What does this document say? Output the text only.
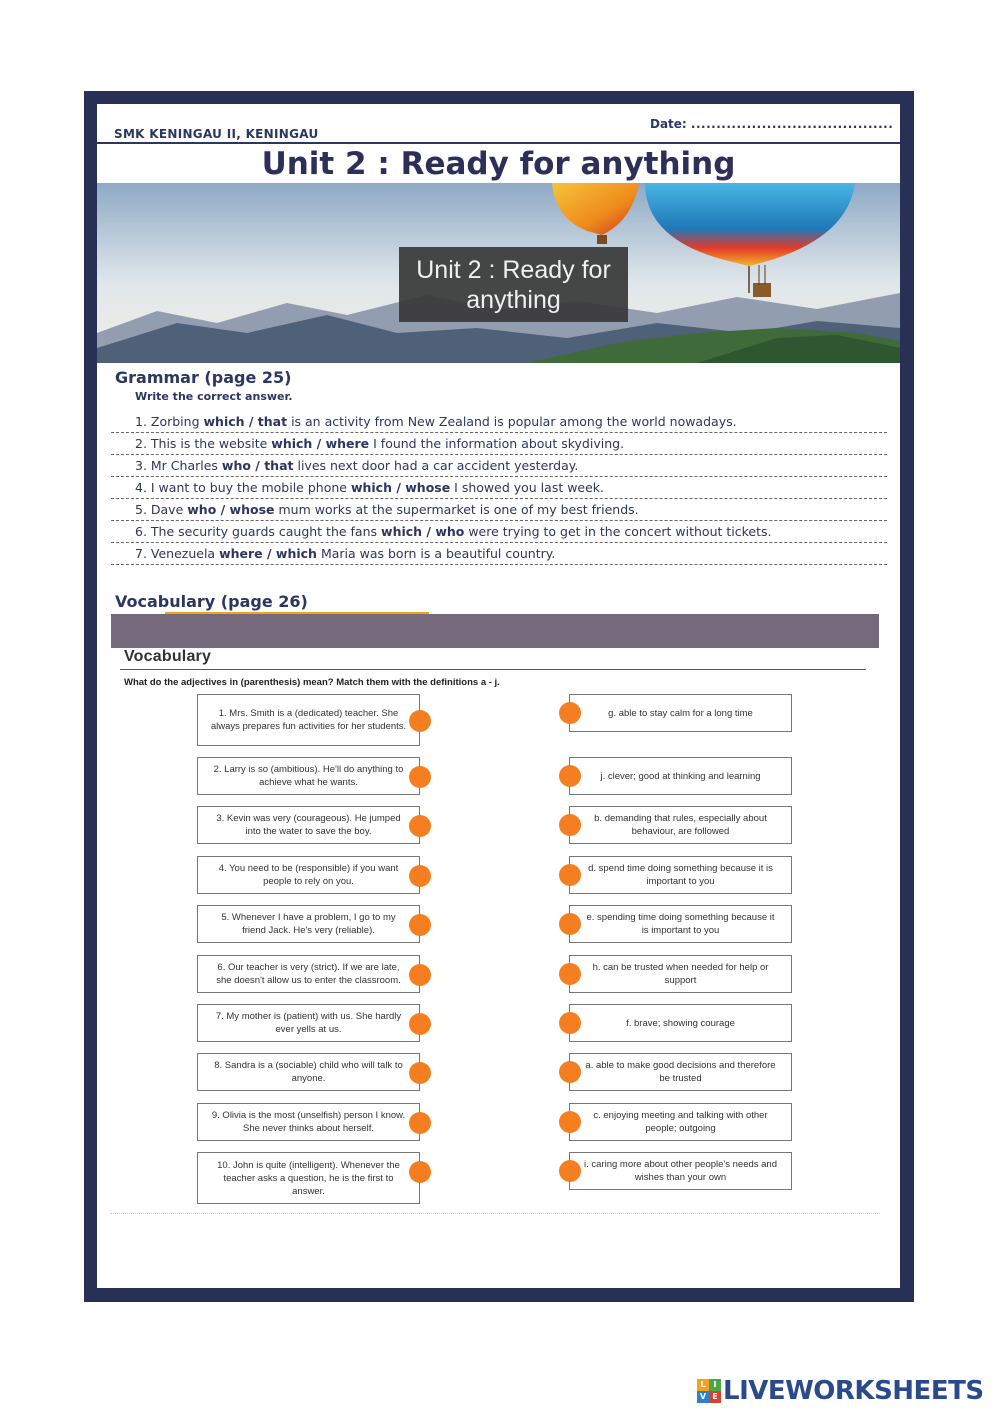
SMK KENINGAU II, KENINGAU
Date: ........................................
Unit 2 : Ready for anything
Unit 2 : Ready for
anything
Grammar (page 25)
Write the correct answer.
1. Zorbing which / that is an activity from New Zealand is popular among the world nowadays.
2. This is the website which / where I found the information about skydiving.
3. Mr Charles who / that lives next door had a car accident yesterday.
4. I want to buy the mobile phone which / whose I showed you last week.
5. Dave who / whose mum works at the supermarket is one of my best friends.
6. The security guards caught the fans which / who were trying to get in the concert without tickets.
7. Venezuela where / which Maria was born is a beautiful country.
Vocabulary (page 26)
Vocabulary
What do the adjectives in (parenthesis) mean? Match them with the definitions a - j.
1. Mrs. Smith is a (dedicated) teacher. She always prepares fun activities for her students.
2. Larry is so (ambitious). He'll do anything to achieve what he wants.
3. Kevin was very (courageous). He jumped into the water to save the boy.
4. You need to be (responsible) if you want people to rely on you.
5. Whenever I have a problem, I go to my friend Jack. He's very (reliable).
6. Our teacher is very (strict). If we are late, she doesn't allow us to enter the classroom.
7. My mother is (patient) with us. She hardly ever yells at us.
8. Sandra is a (sociable) child who will talk to anyone.
9. Olivia is the most (unselfish) person I know. She never thinks about herself.
10. John is quite (intelligent). Whenever the teacher asks a question, he is the first to answer.
g. able to stay calm for a long time
j. clever; good at thinking and learning
b. demanding that rules, especially about behaviour, are followed
d. spend time doing something because it is important to you
e. spending time doing something because it is important to you
h. can be trusted when needed for help or support
f. brave; showing courage
a. able to make good decisions and therefore be trusted
c. enjoying meeting and talking with other people; outgoing
i. caring more about other people's needs and wishes than your own
L I
V E LIVEWORKSHEETS
